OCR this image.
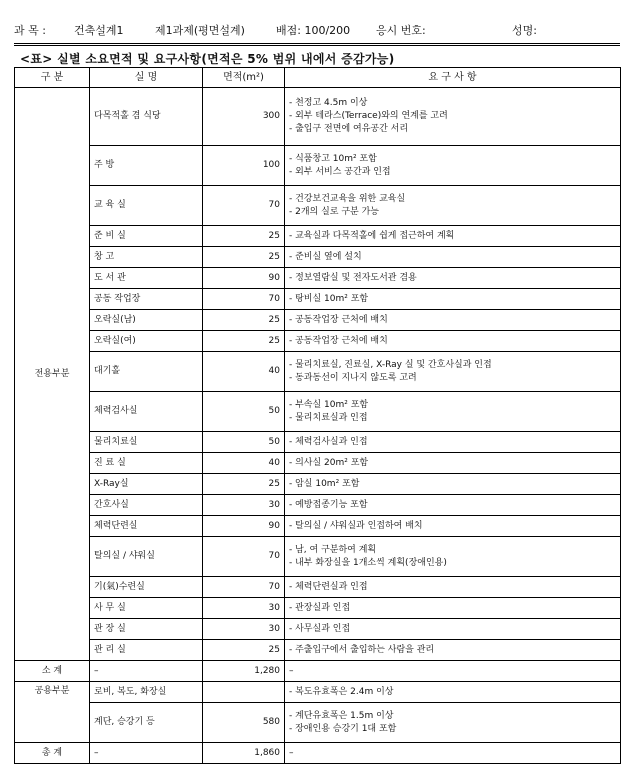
과 목 :	건축설계1	제1과제(평면설계)	배점: 100/200 응시 번호:	성명:
<표> 실별 소요면적 및 요구사항(면적은 5% 범위 내에서 증감가능)
구 분	실 명	면적(m²)	요 구 사 항
전용부분	다목적홀 겸 식당	300	- 천정고 4.5m 이상
- 외부 테라스(Terrace)와의 연계를 고려
- 출입구 전면에 여유공간 서리

	주 방	100	- 식품창고 10m² 포함
- 외부 서비스 공간과 인접

	교 육 실	70	- 건강보건교육을 위한 교육실
- 2개의 실로 구분 가능

	준 비 실	25	- 교육실과 다목적홀에 쉽게 접근하여 계획

	창 고	25	- 준비실 옆에 설치

	도 서 관	90	- 정보열람실 및 전자도서관 겸용

	공동 작업장	70	- 탕비실 10m² 포함

	오락실(남)	25	- 공동작업장 근처에 배치

	오락실(여)	25	- 공동작업장 근처에 배치

	대기홀	40	- 물리치료실, 진료실, X-Ray 실 및 간호사실과 인접
- 동과동선이 지나지 않도록 고려

	체력검사실	50	- 부속실 10m² 포함
- 물리치료실과 인접

	물리치료실	50	- 체력검사실과 인접

	진 료 실	40	- 의사실 20m² 포함

	X-Ray실	25	- 암실 10m² 포함

	간호사실	30	- 예방접종기능 포함

	체력단련실	90	- 탈의실 / 샤워실과 인접하여 배치

	탈의실 / 샤워실	70	- 남, 여 구분하여 계획
- 내부 화장실을 1개소씩 계획(장애인용)

	기(氣)수련실	70	- 체력단련실과 인접

	사 무 실	30	- 관장실과 인접

	관 장 실	30	- 사무실과 인접

	관 리 실	25	- 주출입구에서 출입하는 사람을 관리

소 계	–	1,280	–
공용부분	로비, 복도, 화장실		- 복도유효폭은 2.4m 이상

	계단, 승강기 등	580	- 계단유효폭은 1.5m 이상
- 장애인용 승강기 1대 포함

총 계	–	1,860	–
